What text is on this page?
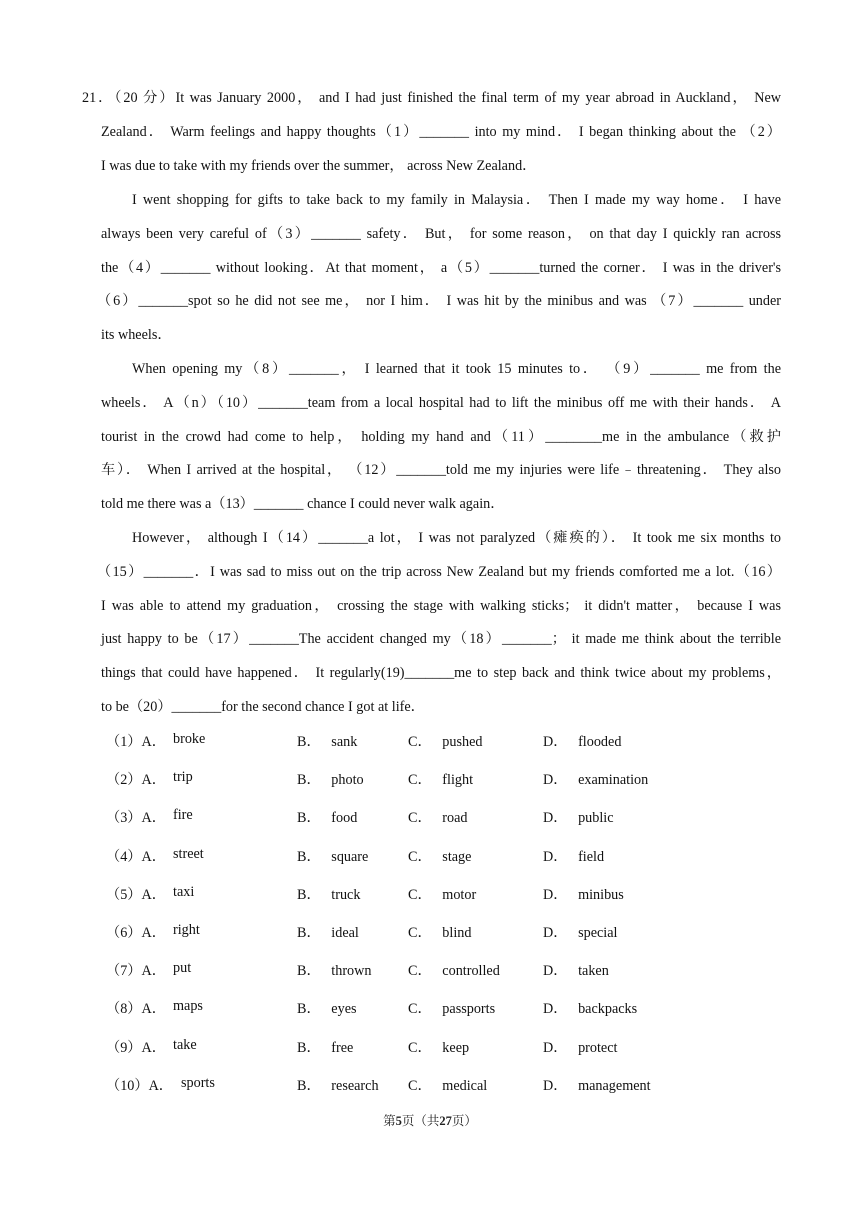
21．（20 分）It was January 2000， and I had just finished the final term of my year abroad in Auckland， New
Zealand． Warm feelings and happy thoughts（1）_______ into my mind． I began thinking about the （2）
I was due to take with my friends over the summer， across New Zealand．
I went shopping for gifts to take back to my family in Malaysia． Then I made my way home． I have
always been very careful of（3）_______ safety． But， for some reason， on that day I quickly ran across
the（4）_______ without looking．At that moment， a（5）_______turned the corner． I was in the driver's
（6）_______spot so he did not see me， nor I him． I was hit by the minibus and was （7）_______ under
its wheels．
When opening my（8）_______， I learned that it took 15 minutes to． （9）_______ me from the
wheels． A（n）（10）_______team from a local hospital had to lift the minibus off me with their hands． A
tourist in the crowd had come to help， holding my hand and（11）________me in the ambulance（救护
车）． When I arrived at the hospital， （12）_______told me my injuries were life﹣threatening． They also
told me there was a（13）_______ chance I could never walk again．
However， although I（14）_______a lot， I was not paralyzed（瘫痪的）． It took me six months to
（15）_______．I was sad to miss out on the trip across New Zealand but my friends comforted me a lot.（16）
I was able to attend my graduation， crossing the stage with walking sticks； it didn't matter， because I was
just happy to be（17）_______The accident changed my（18）_______； it made me think about the terrible
things that could have happened． It regularly(19)_______me to step back and think twice about my problems，
to be（20）_______for the second chance I got at life．
（1）A． broke	B． sank	C． pushed	D． flooded
（2）A． trip	B． photo	C． flight	D． examination
（3）A． fire	B． food	C． road	D． public
（4）A． street	B． square	C． stage	D． field
（5）A． taxi	B． truck	C． motor	D． minibus
（6）A． right	B． ideal	C． blind	D． special
（7）A． put	B． thrown	C． controlled	D． taken
（8）A． maps	B． eyes	C． passports	D． backpacks
（9）A． take	B． free	C． keep	D． protect
（10）A． sports	B． research C． medical	D． management
第5页（共27页）
